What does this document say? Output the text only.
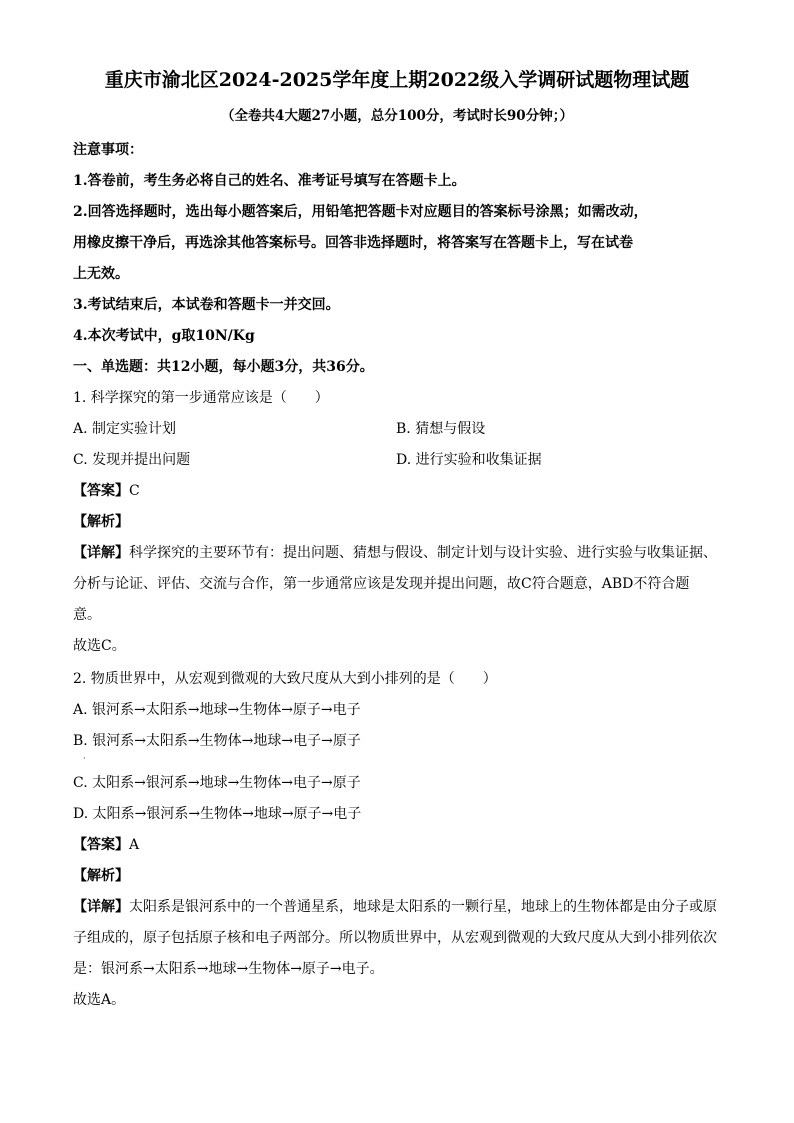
重庆市渝北区2024-2025学年度上期2022级入学调研试题物理试题
（全卷共4大题27小题，总分100分，考试时长90分钟；）
注意事项：
1.答卷前，考生务必将自己的姓名、准考证号填写在答题卡上。
2.回答选择题时，选出每小题答案后，用铅笔把答题卡对应题目的答案标号涂黑；如需改动，
用橡皮擦干净后，再选涂其他答案标号。回答非选择题时，将答案写在答题卡上，写在试卷
上无效。
3.考试结束后，本试卷和答题卡一并交回。
4.本次考试中，g取10N/Kg
一、单选题：共12小题，每小题3分，共36分。
1. 科学探究的第一步通常应该是（　　）
A. 制定实验计划	B. 猜想与假设
C. 发现并提出问题	D. 进行实验和收集证据
【答案】C
【解析】
【详解】科学探究的主要环节有：提出问题、猜想与假设、制定计划与设计实验、进行实验与收集证据、
分析与论证、评估、交流与合作，第一步通常应该是发现并提出问题，故C符合题意，ABD不符合题
意。
故选C。
2. 物质世界中，从宏观到微观的大致尺度从大到小排列的是（　　）
A. 银河系→太阳系→地球→生物体→原子→电子
B. 银河系→太阳系→生物体→地球→电子→原子
·
C. 太阳系→银河系→地球→生物体→电子→原子
D. 太阳系→银河系→生物体→地球→原子→电子
【答案】A
【解析】
【详解】太阳系是银河系中的一个普通星系，地球是太阳系的一颗行星，地球上的生物体都是由分子或原
子组成的，原子包括原子核和电子两部分。所以物质世界中，从宏观到微观的大致尺度从大到小排列依次
是：银河系→太阳系→地球→生物体→原子→电子。
故选A。
